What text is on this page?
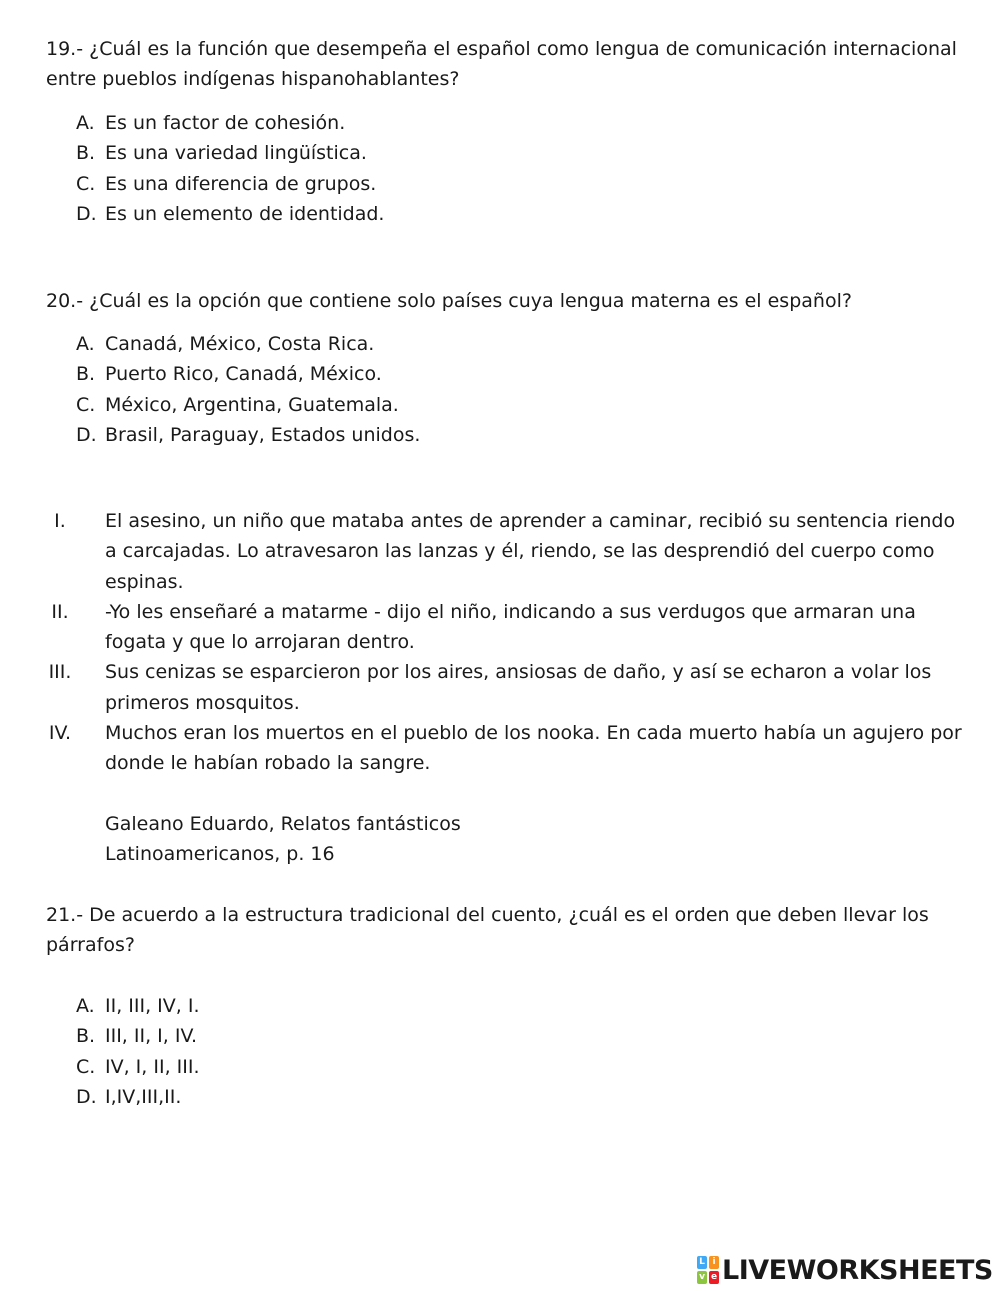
19.- ¿Cuál es la función que desempeña el español como lengua de comunicación internacional entre pueblos indígenas hispanohablantes?

A. Es un factor de cohesión.
B. Es una variedad lingüística.
C. Es una diferencia de grupos.
D. Es un elemento de identidad.

20.- ¿Cuál es la opción que contiene solo países cuya lengua materna es el español?

A. Canadá, México, Costa Rica.
B. Puerto Rico, Canadá, México.
C. México, Argentina, Guatemala.
D. Brasil, Paraguay, Estados unidos.
I.	El asesino, un niño que mataba antes de aprender a caminar, recibió su sentencia riendo a carcajadas. Lo atravesaron las lanzas y él, riendo, se las desprendió del cuerpo como espinas.
II.	-Yo les enseñaré a matarme - dijo el niño, indicando a sus verdugos que armaran una fogata y que lo arrojaran dentro.
III.	Sus cenizas se esparcieron por los aires, ansiosas de daño, y así se echaron a volar los primeros mosquitos.
IV.	Muchos eran los muertos en el pueblo de los nooka. En cada muerto había un agujero por donde le habían robado la sangre.
Galeano Eduardo, Relatos fantásticos
Latinoamericanos, p. 16

21.- De acuerdo a la estructura tradicional del cuento, ¿cuál es el orden que deben llevar los párrafos?

A. II, III, IV, I.
B. III, II, I, IV.
C. IV, I, II, III.
D. I,IV,III,II.
L i
v e LIVEWORKSHEETS
